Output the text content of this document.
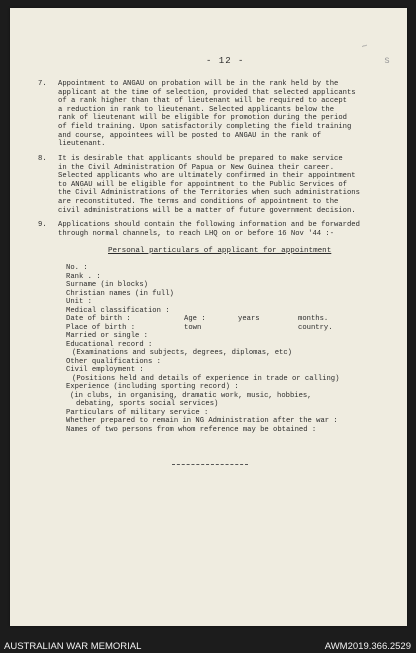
~
s
- 12 -
7.	Appointment to ANGAU on probation will be in the rank held by the
applicant at the time of selection, provided that selected applicants
of a rank higher than that of lieutenant will be required to accept
a reduction in rank to lieutenant. Selected applicants below the
rank of lieutenant will be eligible for promotion during the period
of field training. Upon satisfactorily completing the field training
and course, appointees will be posted to ANGAU in the rank of
lieutenant.
8.	It is desirable that applicants should be prepared to make service
in the Civil Administration Of Papua or New Guinea their career.
Selected applicants who are ultimately confirmed in their appointment
to ANGAU will be eligible for appointment to the Public Services of
the Civil Administrations of the Territories when such administrations
are reconstituted. The terms and conditions of appointment to the
civil administrations will be a matter of future government decision.
9.	Applications should contain the following information and be forwarded
through normal channels, to reach LHQ on or before 16 Nov '44 :-
Personal particulars of applicant for appointment
No. :
Rank . :
Surname (in blocks)
Christian names (in full)
Unit :
Medical classification :
Date of birth :	Age :	years	months.
Place of birth :	town	country.
Married or single :
Educational record :
(Examinations and subjects, degrees, diplomas, etc)
Other qualifications :
Civil employment :
(Positions held and details of experience in trade or calling)
Experience (including sporting record) :
(in clubs, in organising, dramatic work, music, hobbies,
debating, sports social services)
Particulars of military service :
Whether prepared to remain in NG Administration after the war :
Names of two persons from whom reference may be obtained :
AUSTRALIAN WAR MEMORIAL	AWM2019.366.2529
